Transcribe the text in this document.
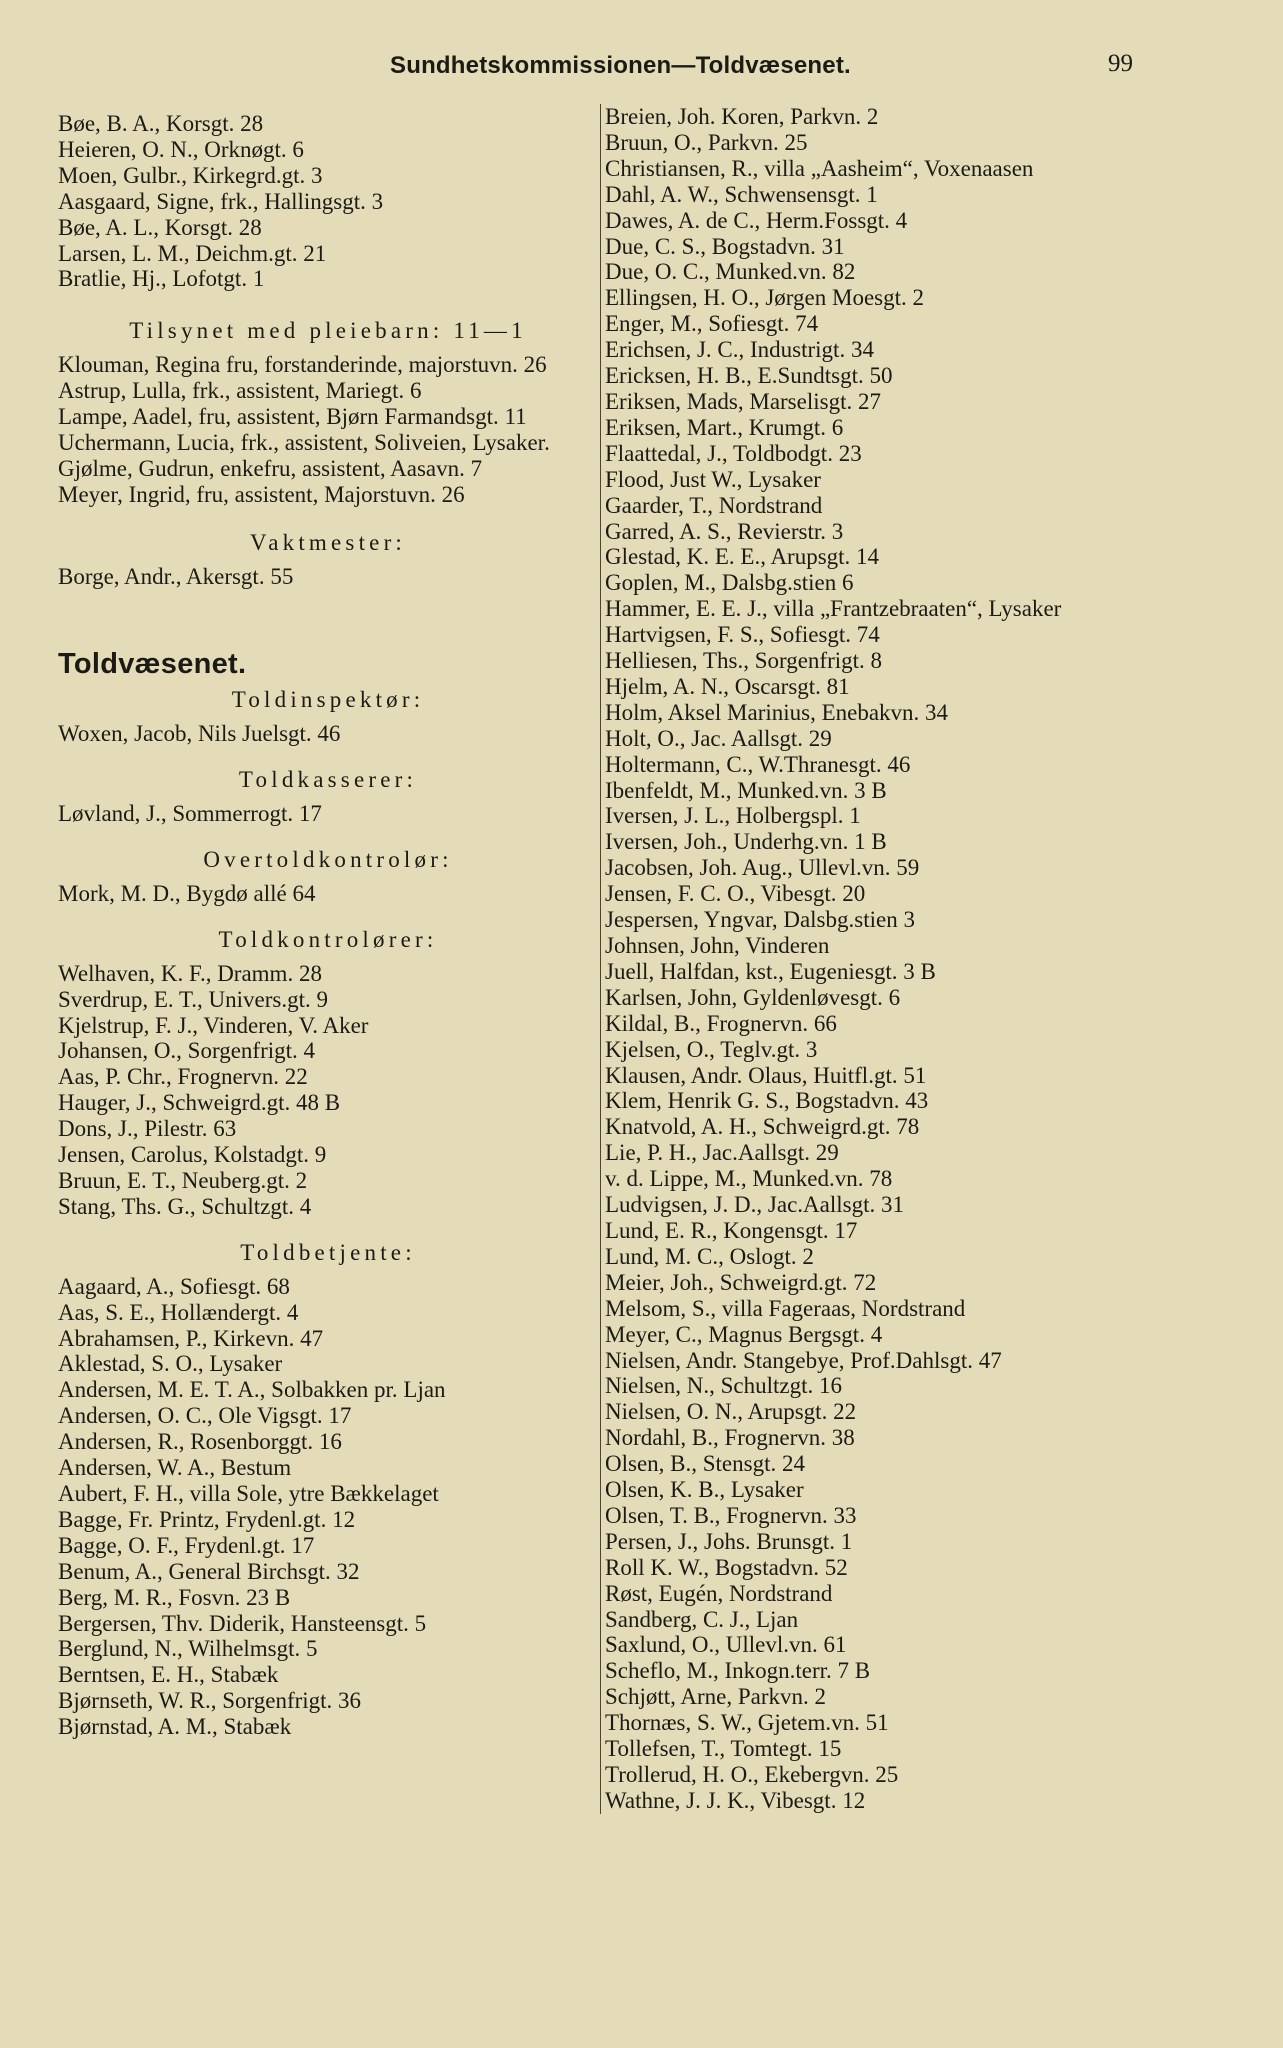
Sundhetskommissionen—Toldvæsenet.	99
Bøe, B. A., Korsgt. 28
Heieren, O. N., Orknøgt. 6
Moen, Gulbr., Kirkegrd.gt. 3
Aasgaard, Signe, frk., Hallingsgt. 3
Bøe, A. L., Korsgt. 28
Larsen, L. M., Deichm.gt. 21
Bratlie, Hj., Lofotgt. 1
Tilsynet med pleiebarn: 11—1
Klouman, Regina fru, forstanderinde, majorstuvn. 26
Astrup, Lulla, frk., assistent, Mariegt. 6
Lampe, Aadel, fru, assistent, Bjørn Farmandsgt. 11
Uchermann, Lucia, frk., assistent, Soliveien, Lysaker.
Gjølme, Gudrun, enkefru, assistent, Aasavn. 7
Meyer, Ingrid, fru, assistent, Majorstuvn. 26
Vaktmester:
Borge, Andr., Akersgt. 55
Toldvæsenet.
Toldinspektør:
Woxen, Jacob, Nils Juelsgt. 46
Toldkasserer:
Løvland, J., Sommerrogt. 17
Overtoldkontrolør:
Mork, M. D., Bygdø allé 64
Toldkontrolører:
Welhaven, K. F., Dramm. 28
Sverdrup, E. T., Univers.gt. 9
Kjelstrup, F. J., Vinderen, V. Aker
Johansen, O., Sorgenfrigt. 4
Aas, P. Chr., Frognervn. 22
Hauger, J., Schweigrd.gt. 48 B
Dons, J., Pilestr. 63
Jensen, Carolus, Kolstadgt. 9
Bruun, E. T., Neuberg.gt. 2
Stang, Ths. G., Schultzgt. 4
Toldbetjente:
Aagaard, A., Sofiesgt. 68
Aas, S. E., Hollændergt. 4
Abrahamsen, P., Kirkevn. 47
Aklestad, S. O., Lysaker
Andersen, M. E. T. A., Solbakken pr. Ljan
Andersen, O. C., Ole Vigsgt. 17
Andersen, R., Rosenborggt. 16
Andersen, W. A., Bestum
Aubert, F. H., villa Sole, ytre Bækkelaget
Bagge, Fr. Printz, Frydenl.gt. 12
Bagge, O. F., Frydenl.gt. 17
Benum, A., General Birchsgt. 32
Berg, M. R., Fosvn. 23 B
Bergersen, Thv. Diderik, Hansteensgt. 5
Berglund, N., Wilhelmsgt. 5
Berntsen, E. H., Stabæk
Bjørnseth, W. R., Sorgenfrigt. 36
Bjørnstad, A. M., Stabæk
Breien, Joh. Koren, Parkvn. 2
Bruun, O., Parkvn. 25
Christiansen, R., villa „Aasheim“, Voxenaasen
Dahl, A. W., Schwensensgt. 1
Dawes, A. de C., Herm.Fossgt. 4
Due, C. S., Bogstadvn. 31
Due, O. C., Munked.vn. 82
Ellingsen, H. O., Jørgen Moesgt. 2
Enger, M., Sofiesgt. 74
Erichsen, J. C., Industrigt. 34
Ericksen, H. B., E.Sundtsgt. 50
Eriksen, Mads, Marselisgt. 27
Eriksen, Mart., Krumgt. 6
Flaattedal, J., Toldbodgt. 23
Flood, Just W., Lysaker
Gaarder, T., Nordstrand
Garred, A. S., Revierstr. 3
Glestad, K. E. E., Arupsgt. 14
Goplen, M., Dalsbg.stien 6
Hammer, E. E. J., villa „Frantzebraaten“, Lysaker
Hartvigsen, F. S., Sofiesgt. 74
Helliesen, Ths., Sorgenfrigt. 8
Hjelm, A. N., Oscarsgt. 81
Holm, Aksel Marinius, Enebakvn. 34
Holt, O., Jac. Aallsgt. 29
Holtermann, C., W.Thranesgt. 46
Ibenfeldt, M., Munked.vn. 3 B
Iversen, J. L., Holbergspl. 1
Iversen, Joh., Underhg.vn. 1 B
Jacobsen, Joh. Aug., Ullevl.vn. 59
Jensen, F. C. O., Vibesgt. 20
Jespersen, Yngvar, Dalsbg.stien 3
Johnsen, John, Vinderen
Juell, Halfdan, kst., Eugeniesgt. 3 B
Karlsen, John, Gyldenløvesgt. 6
Kildal, B., Frognervn. 66
Kjelsen, O., Teglv.gt. 3
Klausen, Andr. Olaus, Huitfl.gt. 51
Klem, Henrik G. S., Bogstadvn. 43
Knatvold, A. H., Schweigrd.gt. 78
Lie, P. H., Jac.Aallsgt. 29
v. d. Lippe, M., Munked.vn. 78
Ludvigsen, J. D., Jac.Aallsgt. 31
Lund, E. R., Kongensgt. 17
Lund, M. C., Oslogt. 2
Meier, Joh., Schweigrd.gt. 72
Melsom, S., villa Fageraas, Nordstrand
Meyer, C., Magnus Bergsgt. 4
Nielsen, Andr. Stangebye, Prof.Dahlsgt. 47
Nielsen, N., Schultzgt. 16
Nielsen, O. N., Arupsgt. 22
Nordahl, B., Frognervn. 38
Olsen, B., Stensgt. 24
Olsen, K. B., Lysaker
Olsen, T. B., Frognervn. 33
Persen, J., Johs. Brunsgt. 1
Roll K. W., Bogstadvn. 52
Røst, Eugén, Nordstrand
Sandberg, C. J., Ljan
Saxlund, O., Ullevl.vn. 61
Scheflo, M., Inkogn.terr. 7 B
Schjøtt, Arne, Parkvn. 2
Thornæs, S. W., Gjetem.vn. 51
Tollefsen, T., Tomtegt. 15
Trollerud, H. O., Ekebergvn. 25
Wathne, J. J. K., Vibesgt. 12
